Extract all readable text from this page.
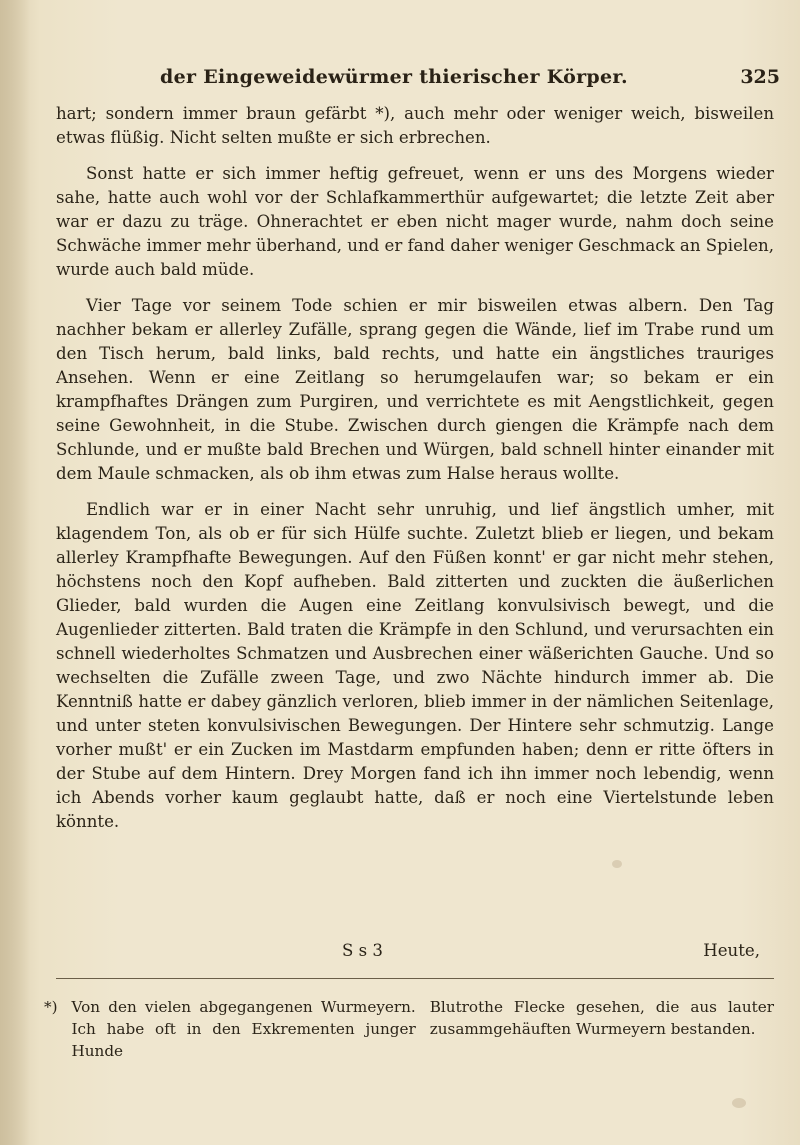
der Eingeweidewürmer thierischer Körper.	325

hart; sondern immer braun gefärbt *), auch mehr oder weniger weich, bisweilen etwas flüßig. Nicht selten mußte er sich erbrechen.

Sonst hatte er sich immer heftig gefreuet, wenn er uns des Morgens wieder sahe, hatte auch wohl vor der Schlafkammerthür aufgewartet; die letzte Zeit aber war er dazu zu träge. Ohnerachtet er eben nicht mager wurde, nahm doch seine Schwäche immer mehr überhand, und er fand daher weniger Geschmack an Spielen, wurde auch bald müde.

Vier Tage vor seinem Tode schien er mir bisweilen etwas albern. Den Tag nachher bekam er allerley Zufälle, sprang gegen die Wände, lief im Trabe rund um den Tisch herum, bald links, bald rechts, und hatte ein ängstliches trauriges Ansehen. Wenn er eine Zeitlang so herumgelaufen war; so bekam er ein krampfhaftes Drängen zum Purgiren, und verrichtete es mit Aengstlichkeit, gegen seine Gewohnheit, in die Stube. Zwischen durch giengen die Krämpfe nach dem Schlunde, und er mußte bald Brechen und Würgen, bald schnell hinter einander mit dem Maule schmacken, als ob ihm etwas zum Halse heraus wollte.

Endlich war er in einer Nacht sehr unruhig, und lief ängstlich umher, mit klagendem Ton, als ob er für sich Hülfe suchte. Zuletzt blieb er liegen, und bekam allerley Krampfhafte Bewegungen. Auf den Füßen konnt' er gar nicht mehr stehen, höchstens noch den Kopf aufheben. Bald zitterten und zuckten die äußerlichen Glieder, bald wurden die Augen eine Zeitlang konvulsivisch bewegt, und die Augenlieder zitterten. Bald traten die Krämpfe in den Schlund, und verursachten ein schnell wiederholtes Schmatzen und Ausbrechen einer wäßerichten Gauche. Und so wechselten die Zufälle zween Tage, und zwo Nächte hindurch immer ab. Die Kenntniß hatte er dabey gänzlich verloren, blieb immer in der nämlichen Seitenlage, und unter steten konvulsivischen Bewegungen. Der Hintere sehr schmutzig. Lange vorher mußt' er ein Zucken im Mastdarm empfunden haben; denn er ritte öfters in der Stube auf dem Hintern. Drey Morgen fand ich ihn immer noch lebendig, wenn ich Abends vorher kaum geglaubt hatte, daß er noch eine Viertelstunde leben könnte.

S s 3	Heute,
*) Von den vielen abgegangenen Wurmeyern. Ich habe oft in den Exkrementen junger Hunde
Blutrothe Flecke gesehen, die aus lauter zusammgehäuften Wurmeyern bestanden.
